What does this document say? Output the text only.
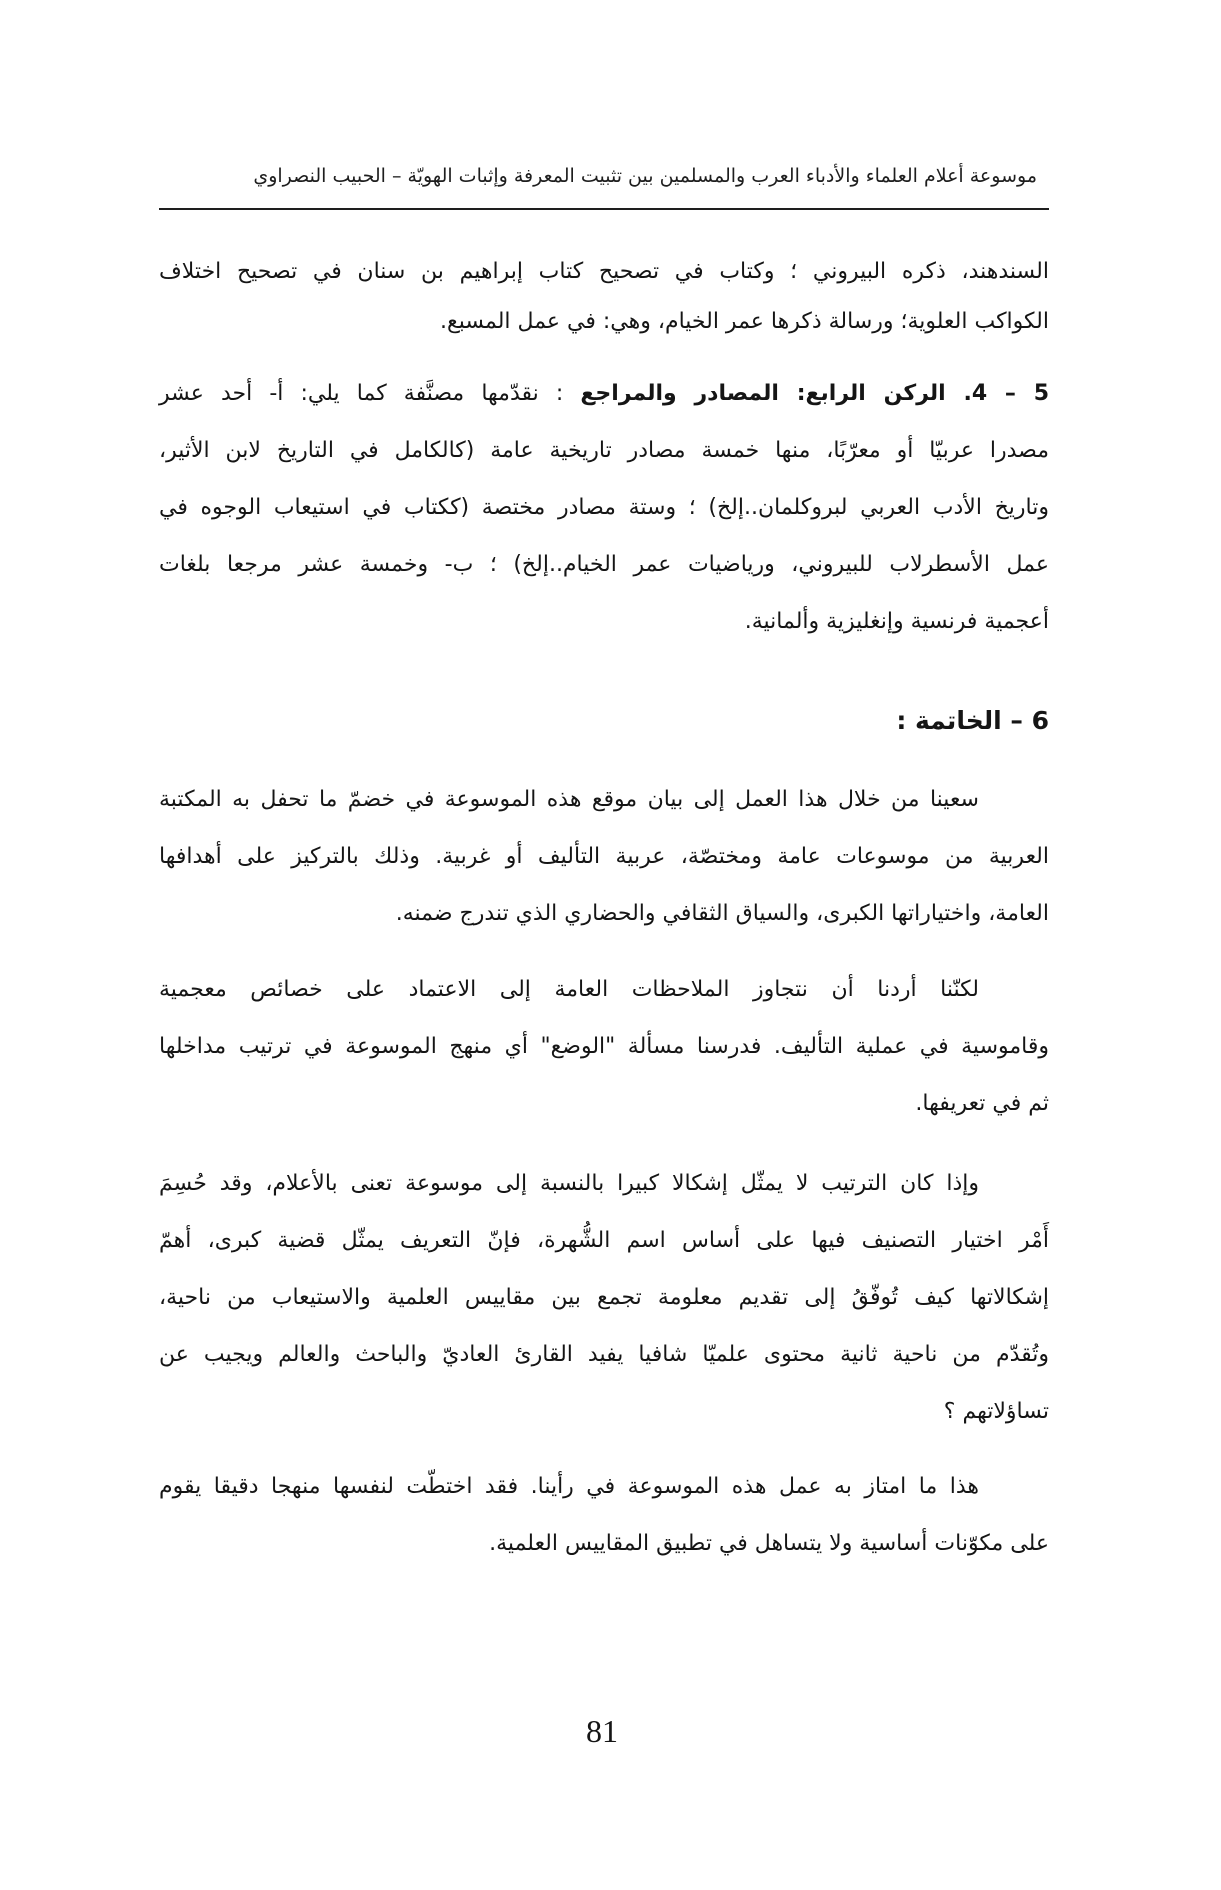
موسوعة أعلام العلماء والأدباء العرب والمسلمين بين تثبيت المعرفة وإثبات الهويّة – الحبيب النصراوي
السندهند، ذكره البيروني ؛ وكتاب في تصحيح كتاب إبراهيم بن سنان في تصحيح اختلاف
الكواكب العلوية؛ ورسالة ذكرها عمر الخيام، وهي: في عمل المسبع.
5 – 4. الركن الرابع: المصادر والمراجع : نقدّمها مصنَّفة كما يلي: أ- أحد عشر
مصدرا عربيّا أو معرّبًا، منها خمسة مصادر تاريخية عامة (كالكامل في التاريخ لابن الأثير،
وتاريخ الأدب العربي لبروكلمان..إلخ) ؛ وستة مصادر مختصة (ككتاب في استيعاب الوجوه في
عمل الأسطرلاب للبيروني، ورياضيات عمر الخيام..إلخ) ؛ ب- وخمسة عشر مرجعا بلغات
أعجمية فرنسية وإنغليزية وألمانية.
6 – الخاتمة :
سعينا من خلال هذا العمل إلى بيان موقع هذه الموسوعة في خضمّ ما تحفل به المكتبة
العربية من موسوعات عامة ومختصّة، عربية التأليف أو غربية. وذلك بالتركيز على أهدافها
العامة، واختياراتها الكبرى، والسياق الثقافي والحضاري الذي تندرج ضمنه.
لكنّنا أردنا أن نتجاوز الملاحظات العامة إلى الاعتماد على خصائص معجمية
وقاموسية في عملية التأليف. فدرسنا مسألة "الوضع" أي منهج الموسوعة في ترتيب مداخلها
ثم في تعريفها.
وإذا كان الترتيب لا يمثّل إشكالا كبيرا بالنسبة إلى موسوعة تعنى بالأعلام، وقد حُسِمَ
أَمْر اختيار التصنيف فيها على أساس اسم الشُّهرة، فإنّ التعريف يمثّل قضية كبرى، أهمّ
إشكالاتها كيف تُوفّقُ إلى تقديم معلومة تجمع بين مقاييس العلمية والاستيعاب من ناحية،
وتُقدّم من ناحية ثانية محتوى علميّا شافيا يفيد القارئ العاديّ والباحث والعالم ويجيب عن
تساؤلاتهم ؟
هذا ما امتاز به عمل هذه الموسوعة في رأينا. فقد اختطّت لنفسها منهجا دقيقا يقوم
على مكوّنات أساسية ولا يتساهل في تطبيق المقاييس العلمية.
81
